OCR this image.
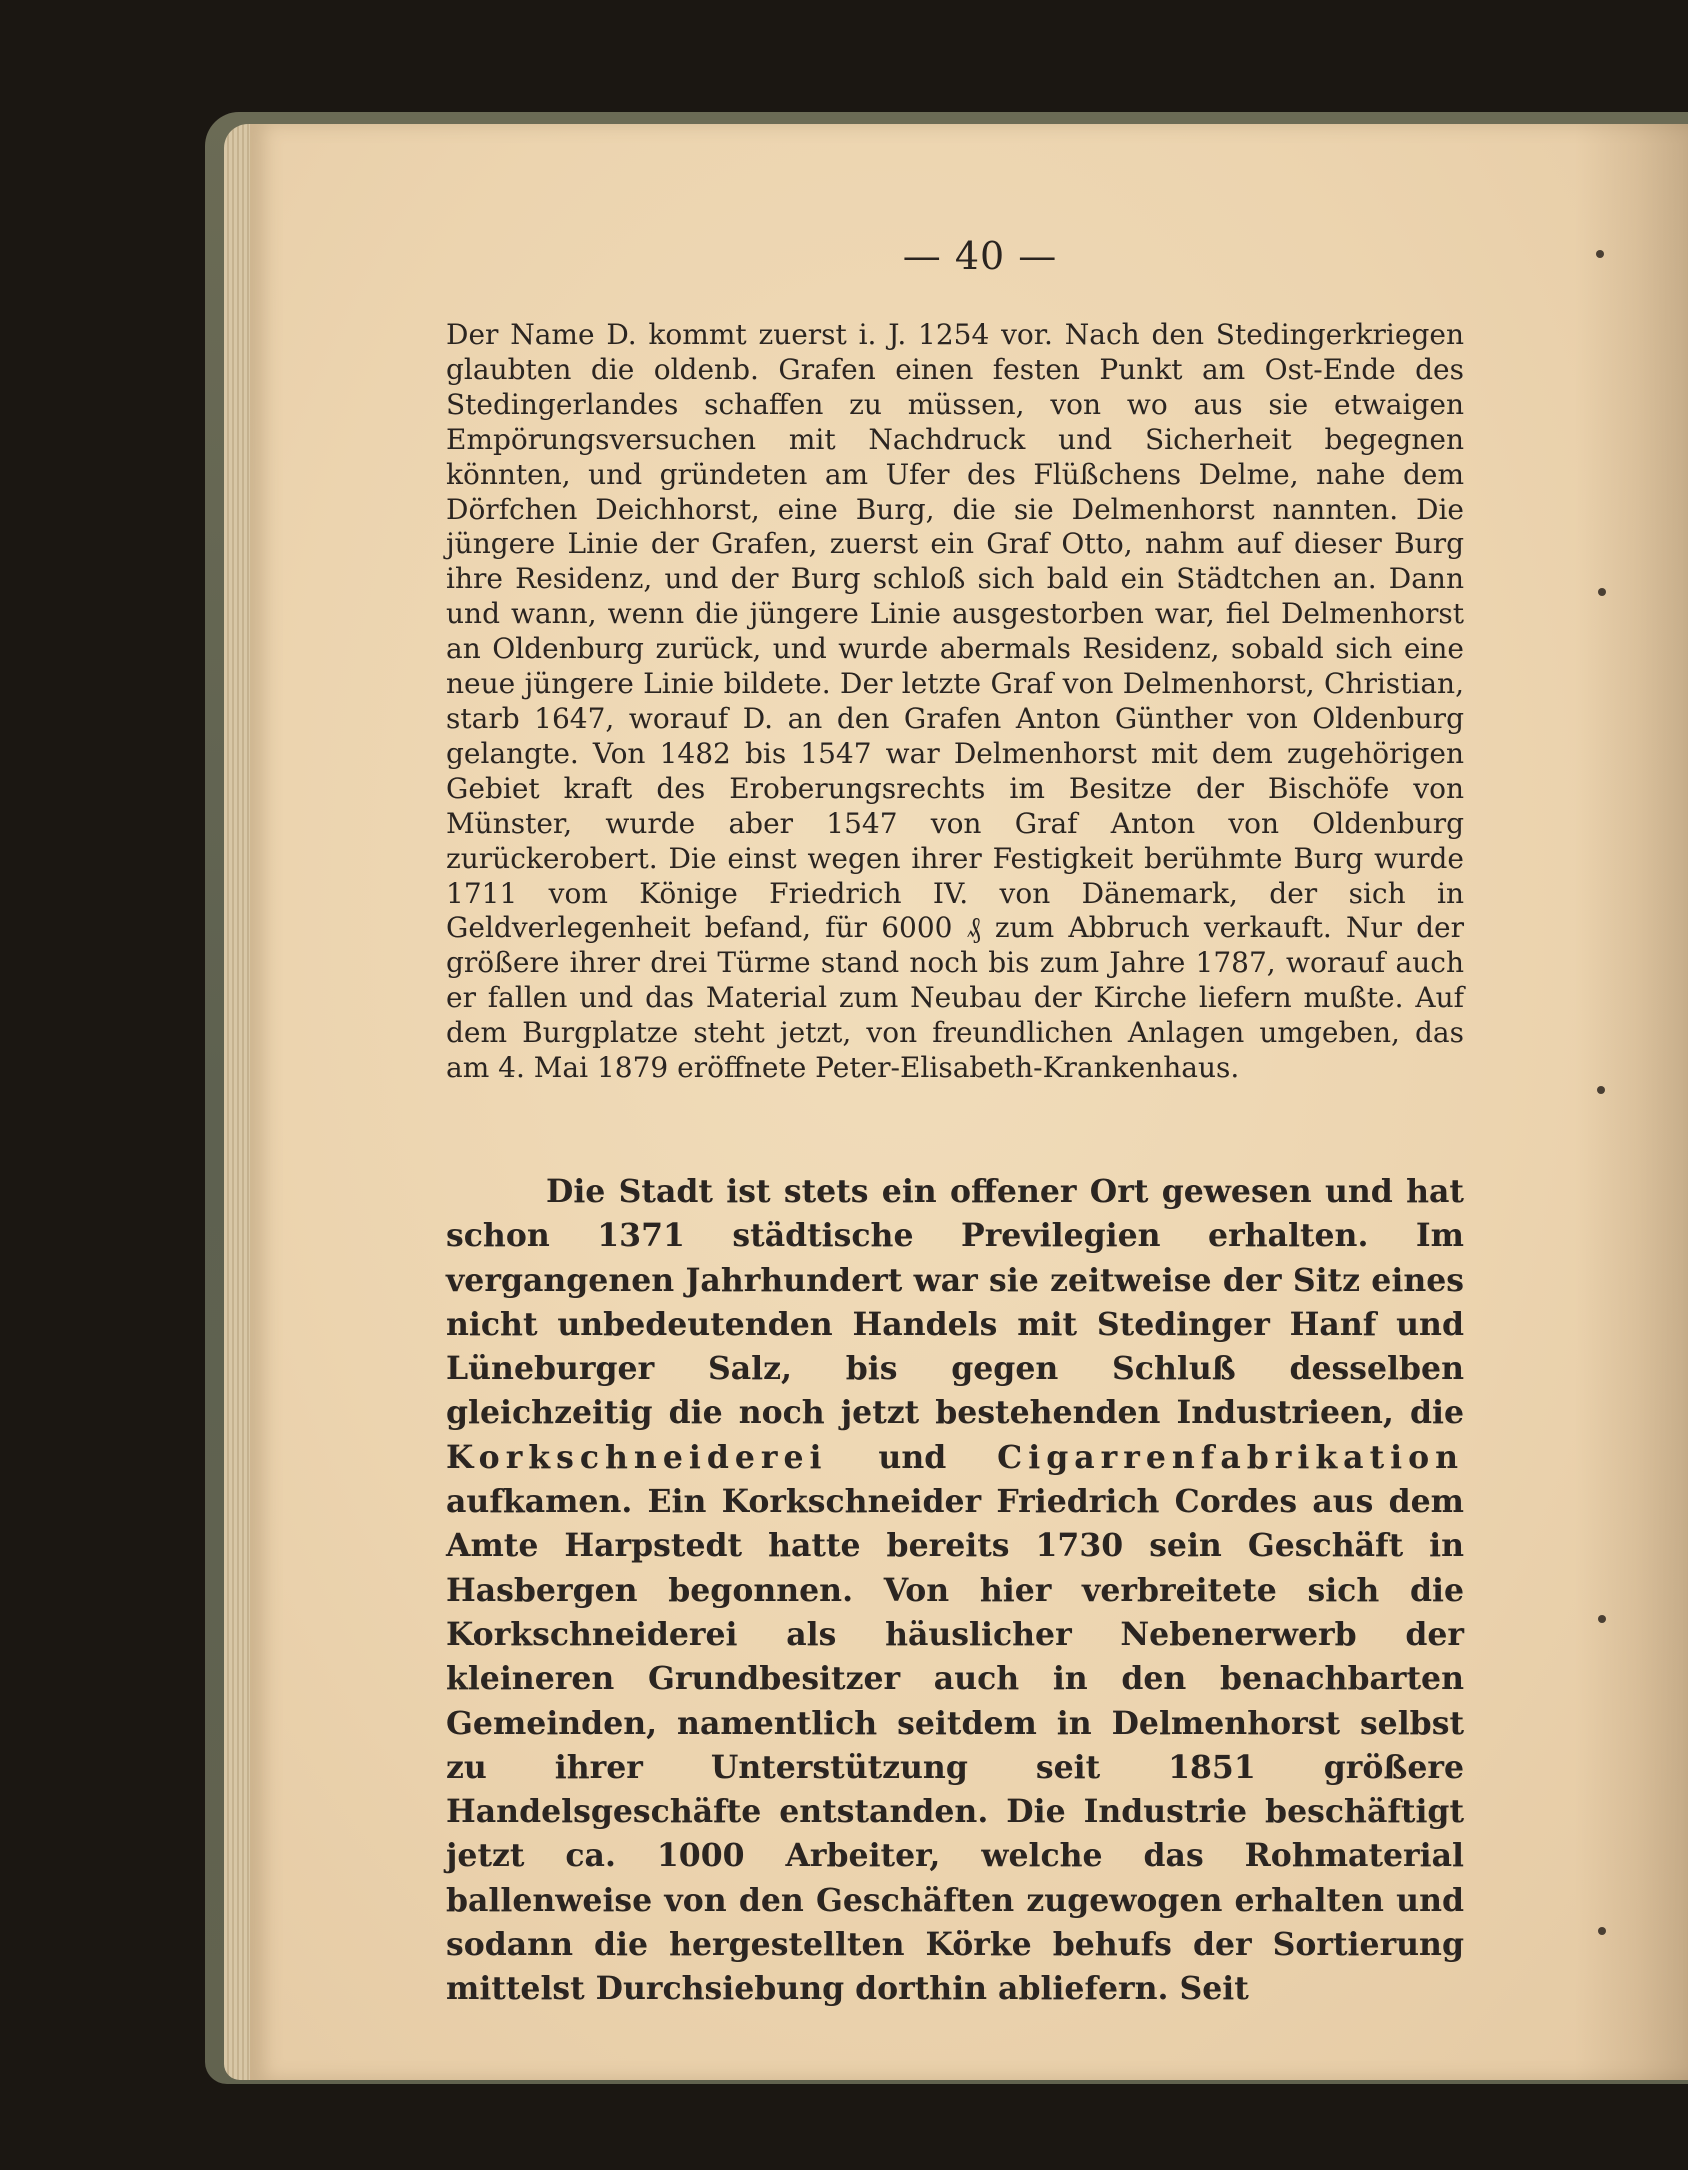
— 40 —

Der Name D. kommt zuerst i. J. 1254 vor. Nach den Stedingerkriegen glaubten die oldenb. Grafen einen festen Punkt am Ost-Ende des Stedingerlandes schaffen zu müssen, von wo aus sie etwaigen Empörungsversuchen mit Nachdruck und Sicherheit begegnen könnten, und gründeten am Ufer des Flüßchens Delme, nahe dem Dörfchen Deichhorst, eine Burg, die sie Delmenhorst nannten. Die jüngere Linie der Grafen, zuerst ein Graf Otto, nahm auf dieser Burg ihre Residenz, und der Burg schloß sich bald ein Städtchen an. Dann und wann, wenn die jüngere Linie ausgestorben war, fiel Delmenhorst an Oldenburg zurück, und wurde abermals Residenz, sobald sich eine neue jüngere Linie bildete. Der letzte Graf von Delmenhorst, Christian, starb 1647, worauf D. an den Grafen Anton Günther von Oldenburg gelangte. Von 1482 bis 1547 war Delmenhorst mit dem zugehörigen Gebiet kraft des Eroberungsrechts im Besitze der Bischöfe von Münster, wurde aber 1547 von Graf Anton von Oldenburg zurückerobert. Die einst wegen ihrer Festigkeit berühmte Burg wurde 1711 vom Könige Friedrich IV. von Dänemark, der sich in Geldverlegenheit befand, für 6000 ₰ zum Abbruch verkauft. Nur der größere ihrer drei Türme stand noch bis zum Jahre 1787, worauf auch er fallen und das Material zum Neubau der Kirche liefern mußte. Auf dem Burgplatze steht jetzt, von freundlichen Anlagen umgeben, das am 4. Mai 1879 eröffnete Peter-Elisabeth-Krankenhaus.

Die Stadt ist stets ein offener Ort gewesen und hat schon 1371 städtische Previlegien erhalten. Im vergangenen Jahrhundert war sie zeitweise der Sitz eines nicht unbedeutenden Handels mit Stedinger Hanf und Lüneburger Salz, bis gegen Schluß desselben gleichzeitig die noch jetzt bestehenden Industrieen, die Korkschneiderei und Cigarrenfabrikation aufkamen. Ein Korkschneider Friedrich Cordes aus dem Amte Harpstedt hatte bereits 1730 sein Geschäft in Hasbergen begonnen. Von hier verbreitete sich die Korkschneiderei als häuslicher Nebenerwerb der kleineren Grundbesitzer auch in den benachbarten Gemeinden, namentlich seitdem in Delmenhorst selbst zu ihrer Unterstützung seit 1851 größere Handelsgeschäfte entstanden. Die Industrie beschäftigt jetzt ca. 1000 Arbeiter, welche das Rohmaterial ballenweise von den Geschäften zugewogen erhalten und sodann die hergestellten Körke behufs der Sortierung mittelst Durchsiebung dorthin abliefern. Seit
